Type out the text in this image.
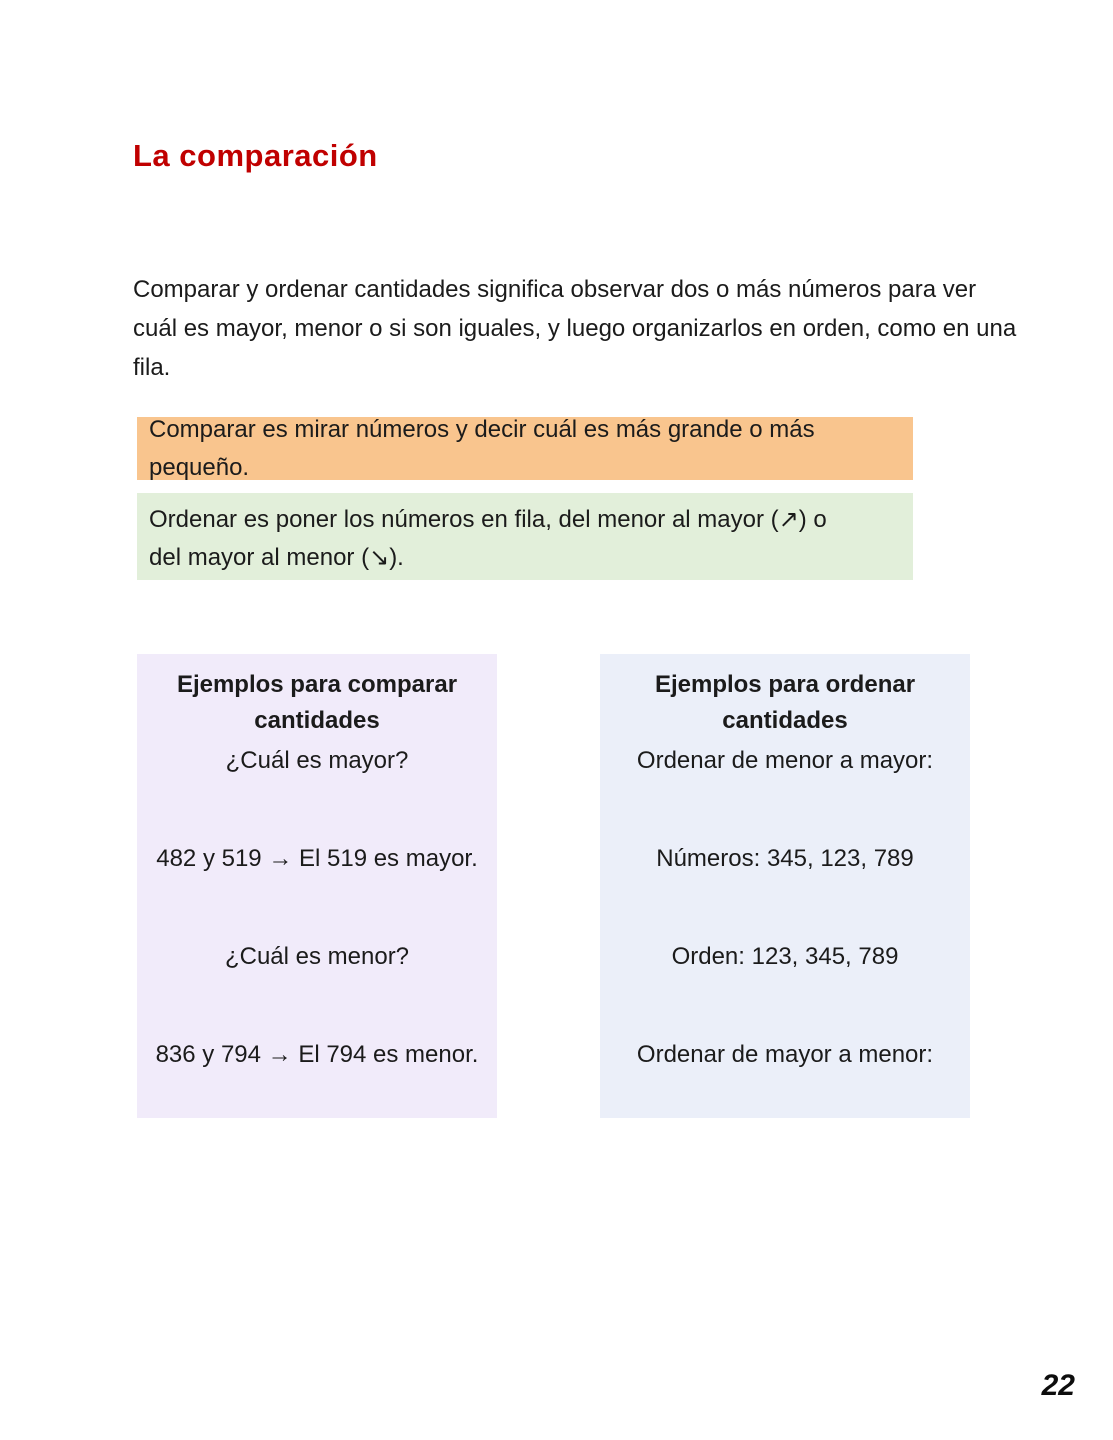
La comparación

Comparar y ordenar cantidades significa observar dos o más números para ver cuál es mayor, menor o si son iguales, y luego organizarlos en orden, como en una fila.

Comparar es mirar números y decir cuál es más grande o más pequeño.
Ordenar es poner los números en fila, del menor al mayor (↗) o del mayor al menor (↘).
Ejemplos para comparar
cantidades
¿Cuál es mayor?
482 y 519 → El 519 es mayor.
¿Cuál es menor?
836 y 794 → El 794 es menor.
Ejemplos para ordenar
cantidades
Ordenar de menor a mayor:
Números: 345, 123, 789
Orden: 123, 345, 789
Ordenar de mayor a menor:
22
